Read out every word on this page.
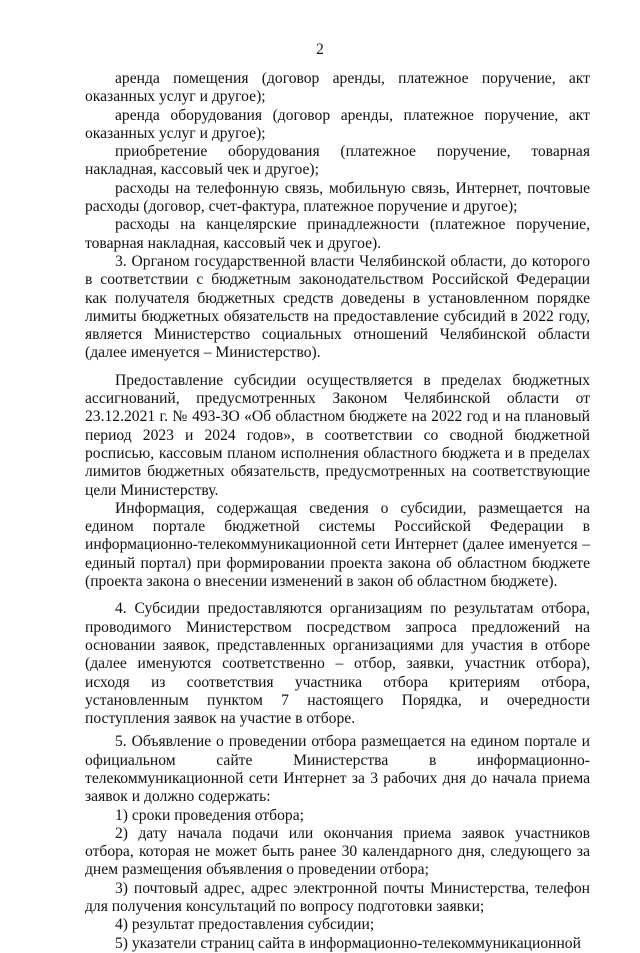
2

аренда помещения (договор аренды, платежное поручение, акт оказанных услуг и другое);

аренда оборудования (договор аренды, платежное поручение, акт оказанных услуг и другое);

приобретение оборудования (платежное поручение, товарная накладная, кассовый чек и другое);

расходы на телефонную связь, мобильную связь, Интернет, почтовые расходы (договор, счет-фактура, платежное поручение и другое);

расходы на канцелярские принадлежности (платежное поручение, товарная накладная, кассовый чек и другое).

3. Органом государственной власти Челябинской области, до которого в соответствии с бюджетным законодательством Российской Федерации как получателя бюджетных средств доведены в установленном порядке лимиты бюджетных обязательств на предоставление субсидий в 2022 году, является Министерство социальных отношений Челябинской области (далее именуется – Министерство).

Предоставление субсидии осуществляется в пределах бюджетных ассигнований, предусмотренных Законом Челябинской области от 23.12.2021 г. № 493-ЗО «Об областном бюджете на 2022 год и на плановый период 2023 и 2024 годов», в соответствии со сводной бюджетной росписью, кассовым планом исполнения областного бюджета и в пределах лимитов бюджетных обязательств, предусмотренных на соответствующие цели Министерству.

Информация, содержащая сведения о субсидии, размещается на едином портале бюджетной системы Российской Федерации в информационно-телекоммуникационной сети Интернет (далее именуется – единый портал) при формировании проекта закона об областном бюджете (проекта закона о внесении изменений в закон об областном бюджете).

4. Субсидии предоставляются организациям по результатам отбора, проводимого Министерством посредством запроса предложений на основании заявок, представленных организациями для участия в отборе (далее именуются соответственно – отбор, заявки, участник отбора), исходя из соответствия участника отбора критериям отбора, установленным пунктом 7 настоящего Порядка, и очередности поступления заявок на участие в отборе.

5. Объявление о проведении отбора размещается на едином портале и официальном сайте Министерства в информационно-телекоммуникационной сети Интернет за 3 рабочих дня до начала приема заявок и должно содержать:

1) сроки проведения отбора;

2) дату начала подачи или окончания приема заявок участников отбора, которая не может быть ранее 30 календарного дня, следующего за днем размещения объявления о проведении отбора;

3) почтовый адрес, адрес электронной почты Министерства, телефон для получения консультаций по вопросу подготовки заявки;

4) результат предоставления субсидии;

5) указатели страниц сайта в информационно-телекоммуникационной
